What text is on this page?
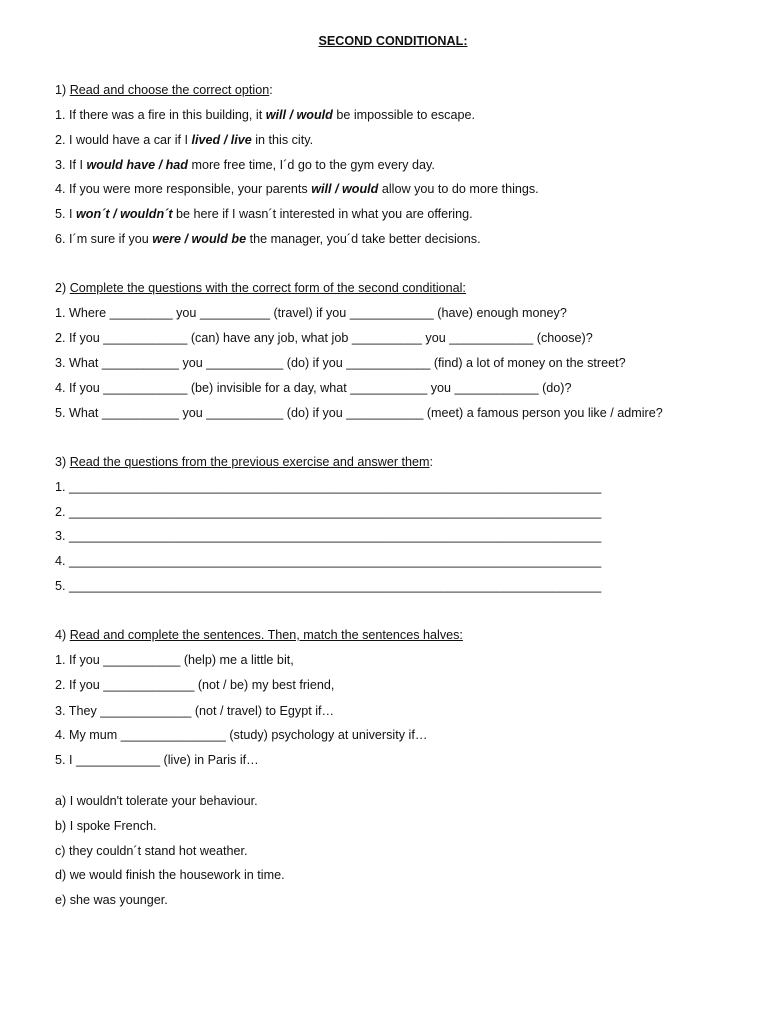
SECOND CONDITIONAL:
1) Read and choose the correct option:
1. If there was a fire in this building, it will / would be impossible to escape.
2. I would have a car if I lived / live in this city.
3. If I would have / had more free time, I´d go to the gym every day.
4. If you were more responsible, your parents will / would allow you to do more things.
5. I won´t / wouldn´t be here if I wasn´t interested in what you are offering.
6. I´m sure if you were / would be the manager, you´d take better decisions.
2) Complete the questions with the correct form of the second conditional:
1. Where _________ you __________ (travel) if you ____________ (have) enough money?
2. If you ____________ (can) have any job, what job __________ you ____________ (choose)?
3. What ___________ you ___________ (do) if you ____________ (find) a lot of money on the street?
4. If you ____________ (be) invisible for a day, what ___________ you ____________ (do)?
5. What ___________ you ___________ (do) if you ___________ (meet) a famous person you like / admire?
3) Read the questions from the previous exercise and answer them:
1. ____________________________________________________________________________
2. ____________________________________________________________________________
3. ____________________________________________________________________________
4. ____________________________________________________________________________
5. ____________________________________________________________________________
4) Read and complete the sentences. Then, match the sentences halves:
1. If you ___________ (help) me a little bit,
2. If you _____________ (not / be) my best friend,
3. They _____________ (not / travel) to Egypt if…
4. My mum _______________ (study) psychology at university if…
5. I ____________ (live) in Paris if…
a) I wouldn't tolerate your behaviour.
b) I spoke French.
c) they couldn´t stand hot weather.
d) we would finish the housework in time.
e) she was younger.
